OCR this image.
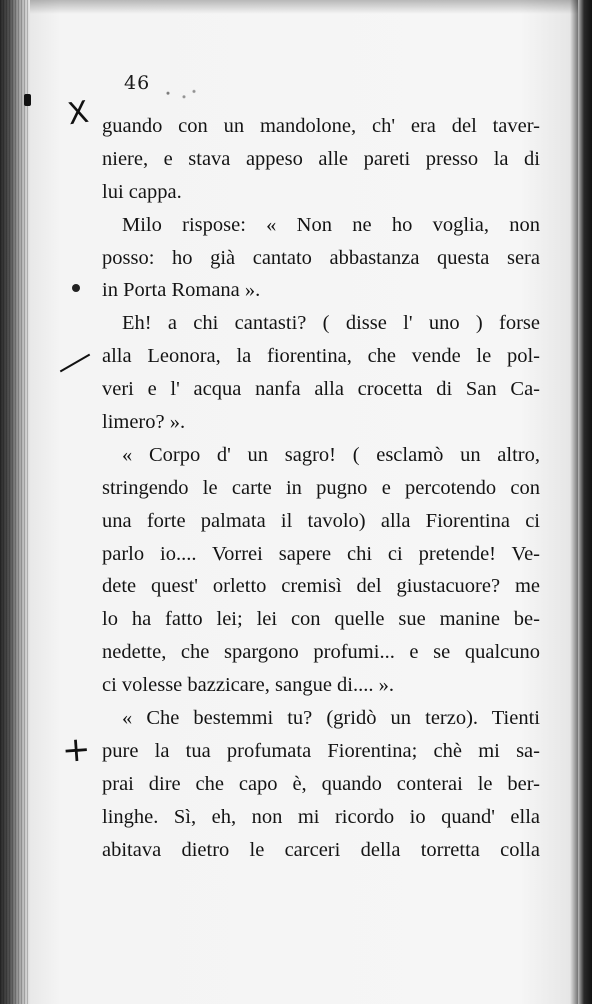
46
X
+
guando con un mandolone, ch' era del taver-
niere, e stava appeso alle pareti presso la di
lui cappa.
Milo rispose: « Non ne ho voglia, non
posso: ho già cantato abbastanza questa sera
in Porta Romana ».
Eh! a chi cantasti? ( disse l' uno ) forse
alla Leonora, la fiorentina, che vende le pol-
veri e l' acqua nanfa alla crocetta di San Ca-
limero? ».
« Corpo d' un sagro! ( esclamò un altro,
stringendo le carte in pugno e percotendo con
una forte palmata il tavolo) alla Fiorentina ci
parlo io.... Vorrei sapere chi ci pretende! Ve-
dete quest' orletto cremisì del giustacuore? me
lo ha fatto lei; lei con quelle sue manine be-
nedette, che spargono profumi... e se qualcuno
ci volesse bazzicare, sangue di.... ».
« Che bestemmi tu? (gridò un terzo). Tienti
pure la tua profumata Fiorentina; chè mi sa-
prai dire che capo è, quando conterai le ber-
linghe. Sì, eh, non mi ricordo io quand' ella
abitava dietro le carceri della torretta colla
